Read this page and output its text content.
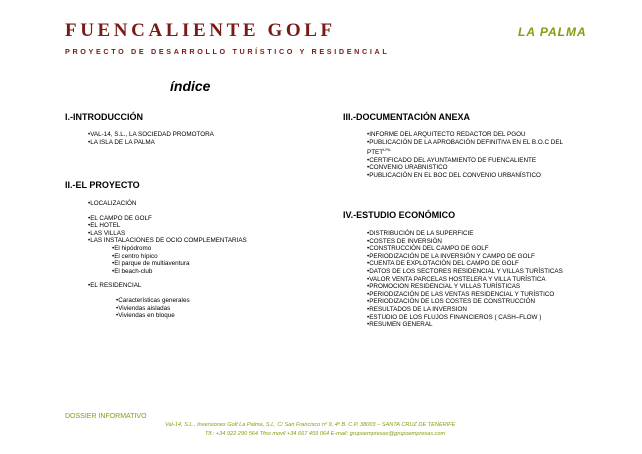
FUENCALIENTE GOLF
PROYECTO DE DESARROLLO TURÍSTICO Y RESIDENCIAL
LA PALMA
índice
I.-INTRODUCCIÓN
•VAL-14, S.L., LA SOCIEDAD PROMOTORA
•LA ISLA DE LA PALMA
II.-EL PROYECTO
•LOCALIZACIÓN
•EL CAMPO DE GOLF
•EL HOTEL
•LAS VILLAS
•LAS INSTALACIONES DE OCIO COMPLEMENTARIAS
•El hipódromo
•El centro hípico
•El parque de multiaventura
•El beach-club
•EL RESIDENCIAL
•Características generales
•Viviendas aisladas
•Viviendas en bloque
III.-DOCUMENTACIÓN ANEXA
•INFORME DEL ARQUITECTO REDACTOR DEL PGOU
•PUBLICACIÓN DE LA APROBACIÓN DEFINITIVA EN EL B.O.C DEL
$PTET^{LPA}$
•CERTIFICADO DEL AYUNTAMIENTO DE FUENCALIENTE
•CONVENIO URABNISTICO
•PUBLICACIÓN EN EL BOC DEL CONVENIO URBANÍSTICO
IV.-ESTUDIO ECONÓMICO
•DISTRIBUCIÓN DE LA SUPERFICIE
•COSTES DE INVERSIÓN
•CONSTRUCCIÓN DEL CAMPO DE GOLF
•PERIODIZACIÓN DE LA INVERSIÓN Y CAMPO DE GOLF
•CUENTA DE EXPLOTACIÓN DEL CAMPO DE GOLF
•DATOS DE LOS SECTORES RESIDENCIAL Y VILLAS TURÍSTICAS
•VALOR VENTA PARCELAS HOSTELERA Y VILLA TURÍSTICA
•PROMOCION RESIDENCIAL Y VILLAS TURÍSTICAS
•PERIODIZACIÓN DE LAS VENTAS RESIDENCIAL Y TURÍSTICO
•PERIODIZACIÓN DE LOS COSTES DE CONSTRUCCIÓN
•RESULTADOS DE LA INVERSION
•ESTUDIO DE LOS FLUJOS FINANCIEROS ( CASH–FLOW )
•RESUMEN GENERAL
DOSSIER INFORMATIVO
Val-14, S.L., Inversiones Golf La Palma, S.L. C/ San Francisco nº 9, 4º B. C.P. 38003 – SANTA CRUZ DE TENERIFE
Tlf.: +34 922 290 564 Tfno movil +34 667 459 064 E-mail: grupoempresas@grupoempresas.com
